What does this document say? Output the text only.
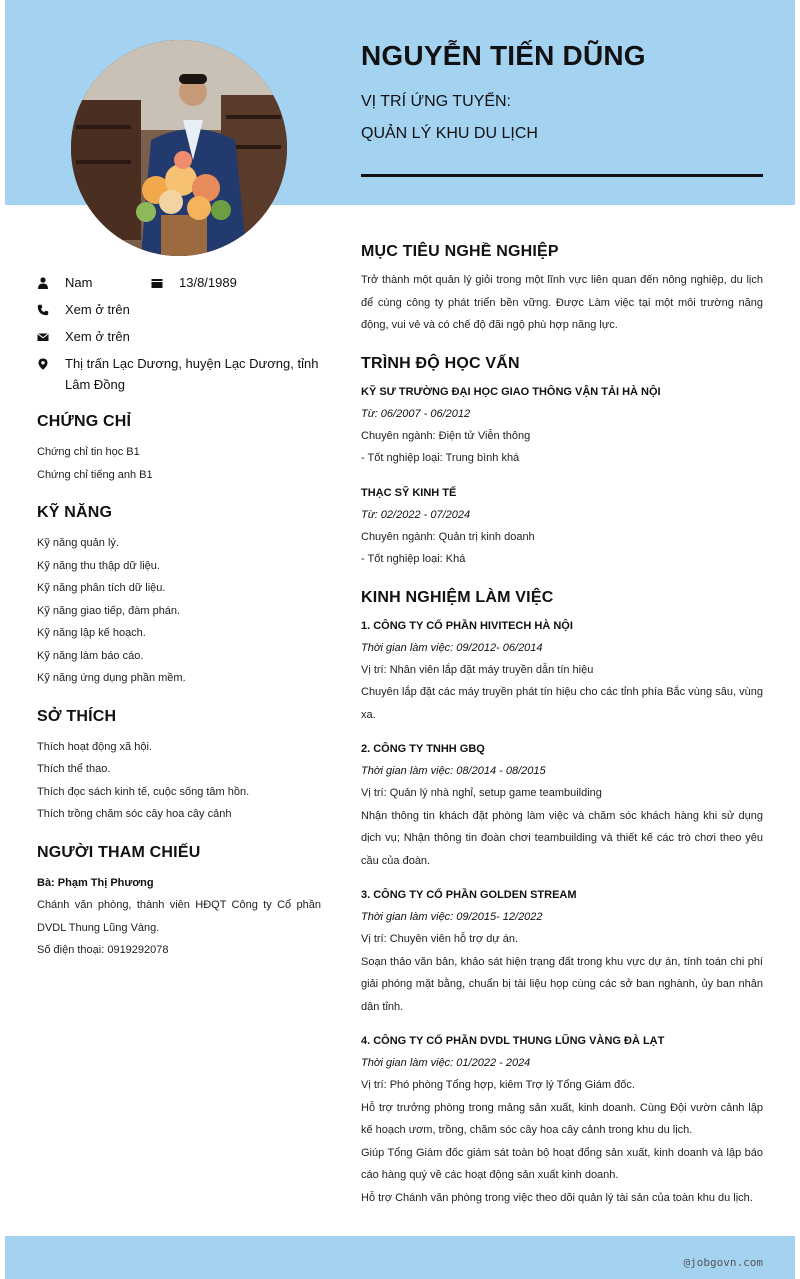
NGUYỄN TIẾN DŨNG
VỊ TRÍ ỨNG TUYỂN:
QUẢN LÝ KHU DU LỊCH
Nam	13/8/1989
Xem ở trên
Xem ở trên
Thị trấn Lạc Dương, huyện Lạc Dương, tỉnh Lâm Đồng
CHỨNG CHỈ
Chứng chỉ tin học B1
Chứng chỉ tiếng anh B1
KỸ NĂNG
Kỹ năng quản lý.
Kỹ năng thu thập dữ liệu.
Kỹ năng phân tích dữ liệu.
Kỹ năng giao tiếp, đàm phán.
Kỹ năng lập kế hoạch.
Kỹ năng làm báo cáo.
Kỹ năng ứng dụng phần mềm.
SỞ THÍCH
Thích hoạt động xã hội.
Thích thể thao.
Thích đọc sách kinh tế, cuộc sống tâm hồn.
Thích trồng chăm sóc cây hoa cây cảnh
NGƯỜI THAM CHIẾU
Bà: Phạm Thị Phương
Chánh văn phòng, thành viên HĐQT Công ty Cổ phần DVDL Thung Lũng Vàng.
Số điện thoại: 0919292078
MỤC TIÊU NGHỀ NGHIỆP
Trở thành một quản lý giỏi trong một lĩnh vực liên quan đến nông nghiệp, du lịch để cùng công ty phát triển bền vững. Được Làm việc tại một môi trường năng động, vui vẻ và có chế độ đãi ngộ phù hợp năng lực.
TRÌNH ĐỘ HỌC VẤN
KỸ SƯ TRƯỜNG ĐẠI HỌC GIAO THÔNG VẬN TẢI HÀ NỘI
Từ: 06/2007 - 06/2012
Chuyên ngành: Điện tử Viễn thông
- Tốt nghiệp loại: Trung bình khá
THẠC SỸ KINH TẾ
Từ: 02/2022 - 07/2024
Chuyên ngành: Quản trị kinh doanh
- Tốt nghiệp loại: Khá
KINH NGHIỆM LÀM VIỆC
1. CÔNG TY CỔ PHẦN HIVITECH HÀ NỘI
Thời gian làm việc: 09/2012- 06/2014
Vị trí: Nhân viên lắp đặt máy truyền dẫn tín hiệu
Chuyên lắp đặt các máy truyền phát tín hiệu cho các tỉnh phía Bắc vùng sâu, vùng xa.
2. CÔNG TY TNHH GBQ
Thời gian làm việc: 08/2014 - 08/2015
Vị trí: Quản lý nhà nghỉ, setup game teambuilding
Nhận thông tin khách đặt phòng làm việc và chăm sóc khách hàng khi sử dụng dịch vụ; Nhận thông tin đoàn chơi teambuilding và thiết kế các trò chơi theo yêu cầu của đoàn.
3. CÔNG TY CỔ PHẦN GOLDEN STREAM
Thời gian làm việc: 09/2015- 12/2022
Vị trí: Chuyên viên hỗ trợ dự án.
Soạn thảo văn bản, khảo sát hiện trạng đất trong khu vực dự án, tính toán chi phí giải phóng mặt bằng, chuẩn bị tài liệu họp cùng các sở ban nghành, ủy ban nhân dân tỉnh.
4. CÔNG TY CỔ PHẦN DVDL THUNG LŨNG VÀNG ĐÀ LẠT
Thời gian làm việc: 01/2022 - 2024
Vị trí: Phó phòng Tổng hợp, kiêm Trợ lý Tổng Giám đốc.
Hỗ trợ trưởng phòng trong mảng sản xuất, kinh doanh. Cùng Đội vườn cảnh lập kế hoạch ươm, trồng, chăm sóc cây hoa cây cảnh trong khu du lịch.
Giúp Tổng Giám đốc giám sát toàn bộ hoạt đổng sản xuất, kinh doanh và lập báo cáo hàng quý về các hoạt động sản xuất kinh doanh.
Hỗ trợ Chánh văn phòng trong việc theo dõi quản lý tài sản của toàn khu du lịch.
@jobgovn.com
